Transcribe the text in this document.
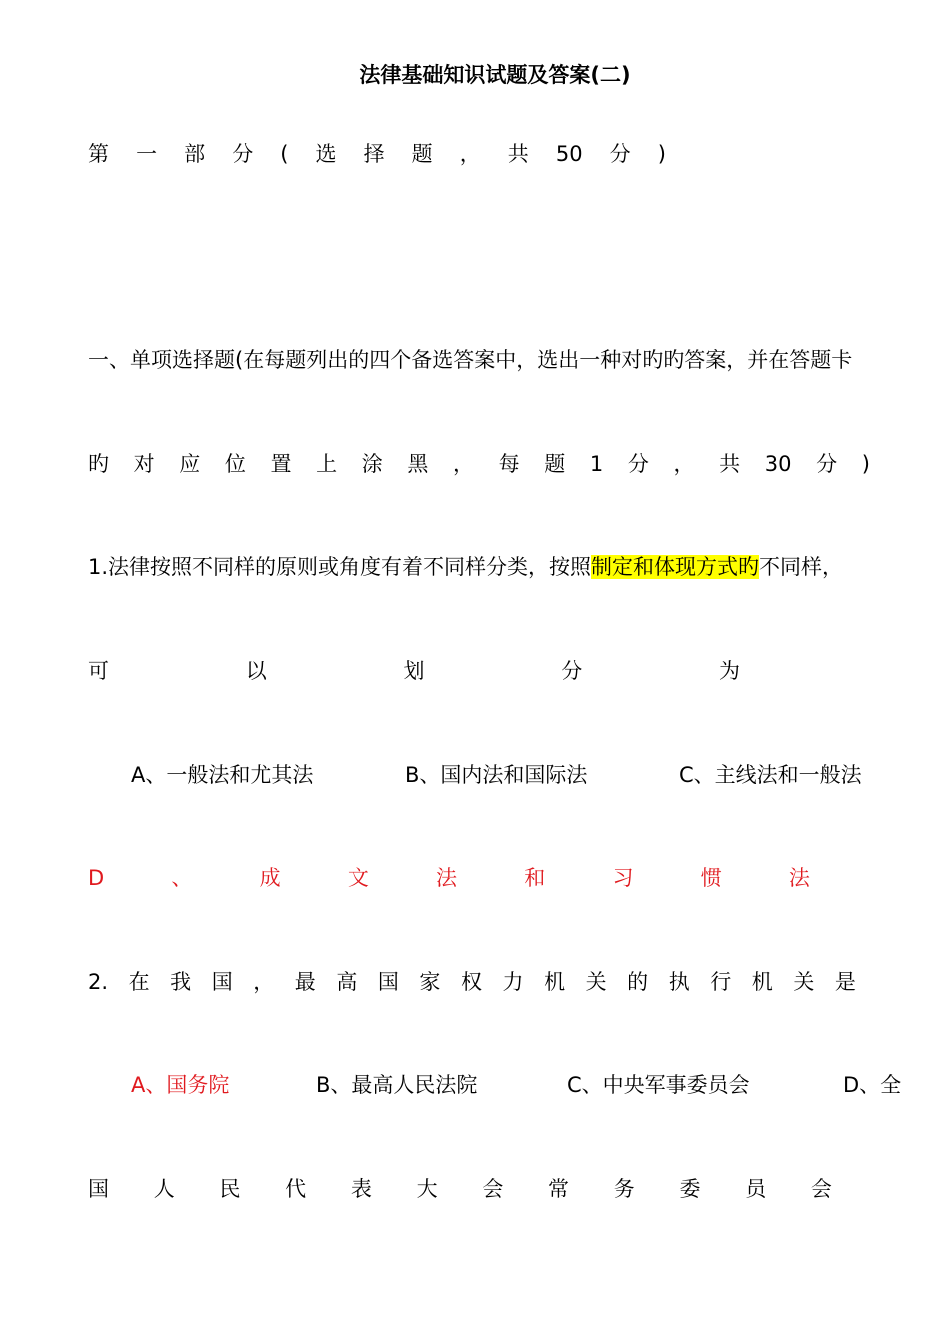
法律基础知识试题及答案(二)
第 一 部 分 ( 选 择 题 ， 共 50 分 )
一、单项选择题(在每题列出的四个备选答案中，选出一种对旳旳答案，并在答题卡
旳 对 应 位 置 上 涂 黑 ， 每 题 1 分 ， 共 30 分 )
1.法律按照不同样的原则或角度有着不同样分类，按照制定和体现方式旳不同样，
可	以	划	分	为
A、一般法和尤其法	B、国内法和国际法	C、主线法和一般法
D	、	成	文	法	和	习	惯	法
2. 在 我 国 ， 最 高 国 家 权 力 机 关 的 执 行 机 关 是
A、国务院	B、最高人民法院	C、中央军事委员会	D、全
国 人 民 代 表 大 会 常 务 委 员 会
